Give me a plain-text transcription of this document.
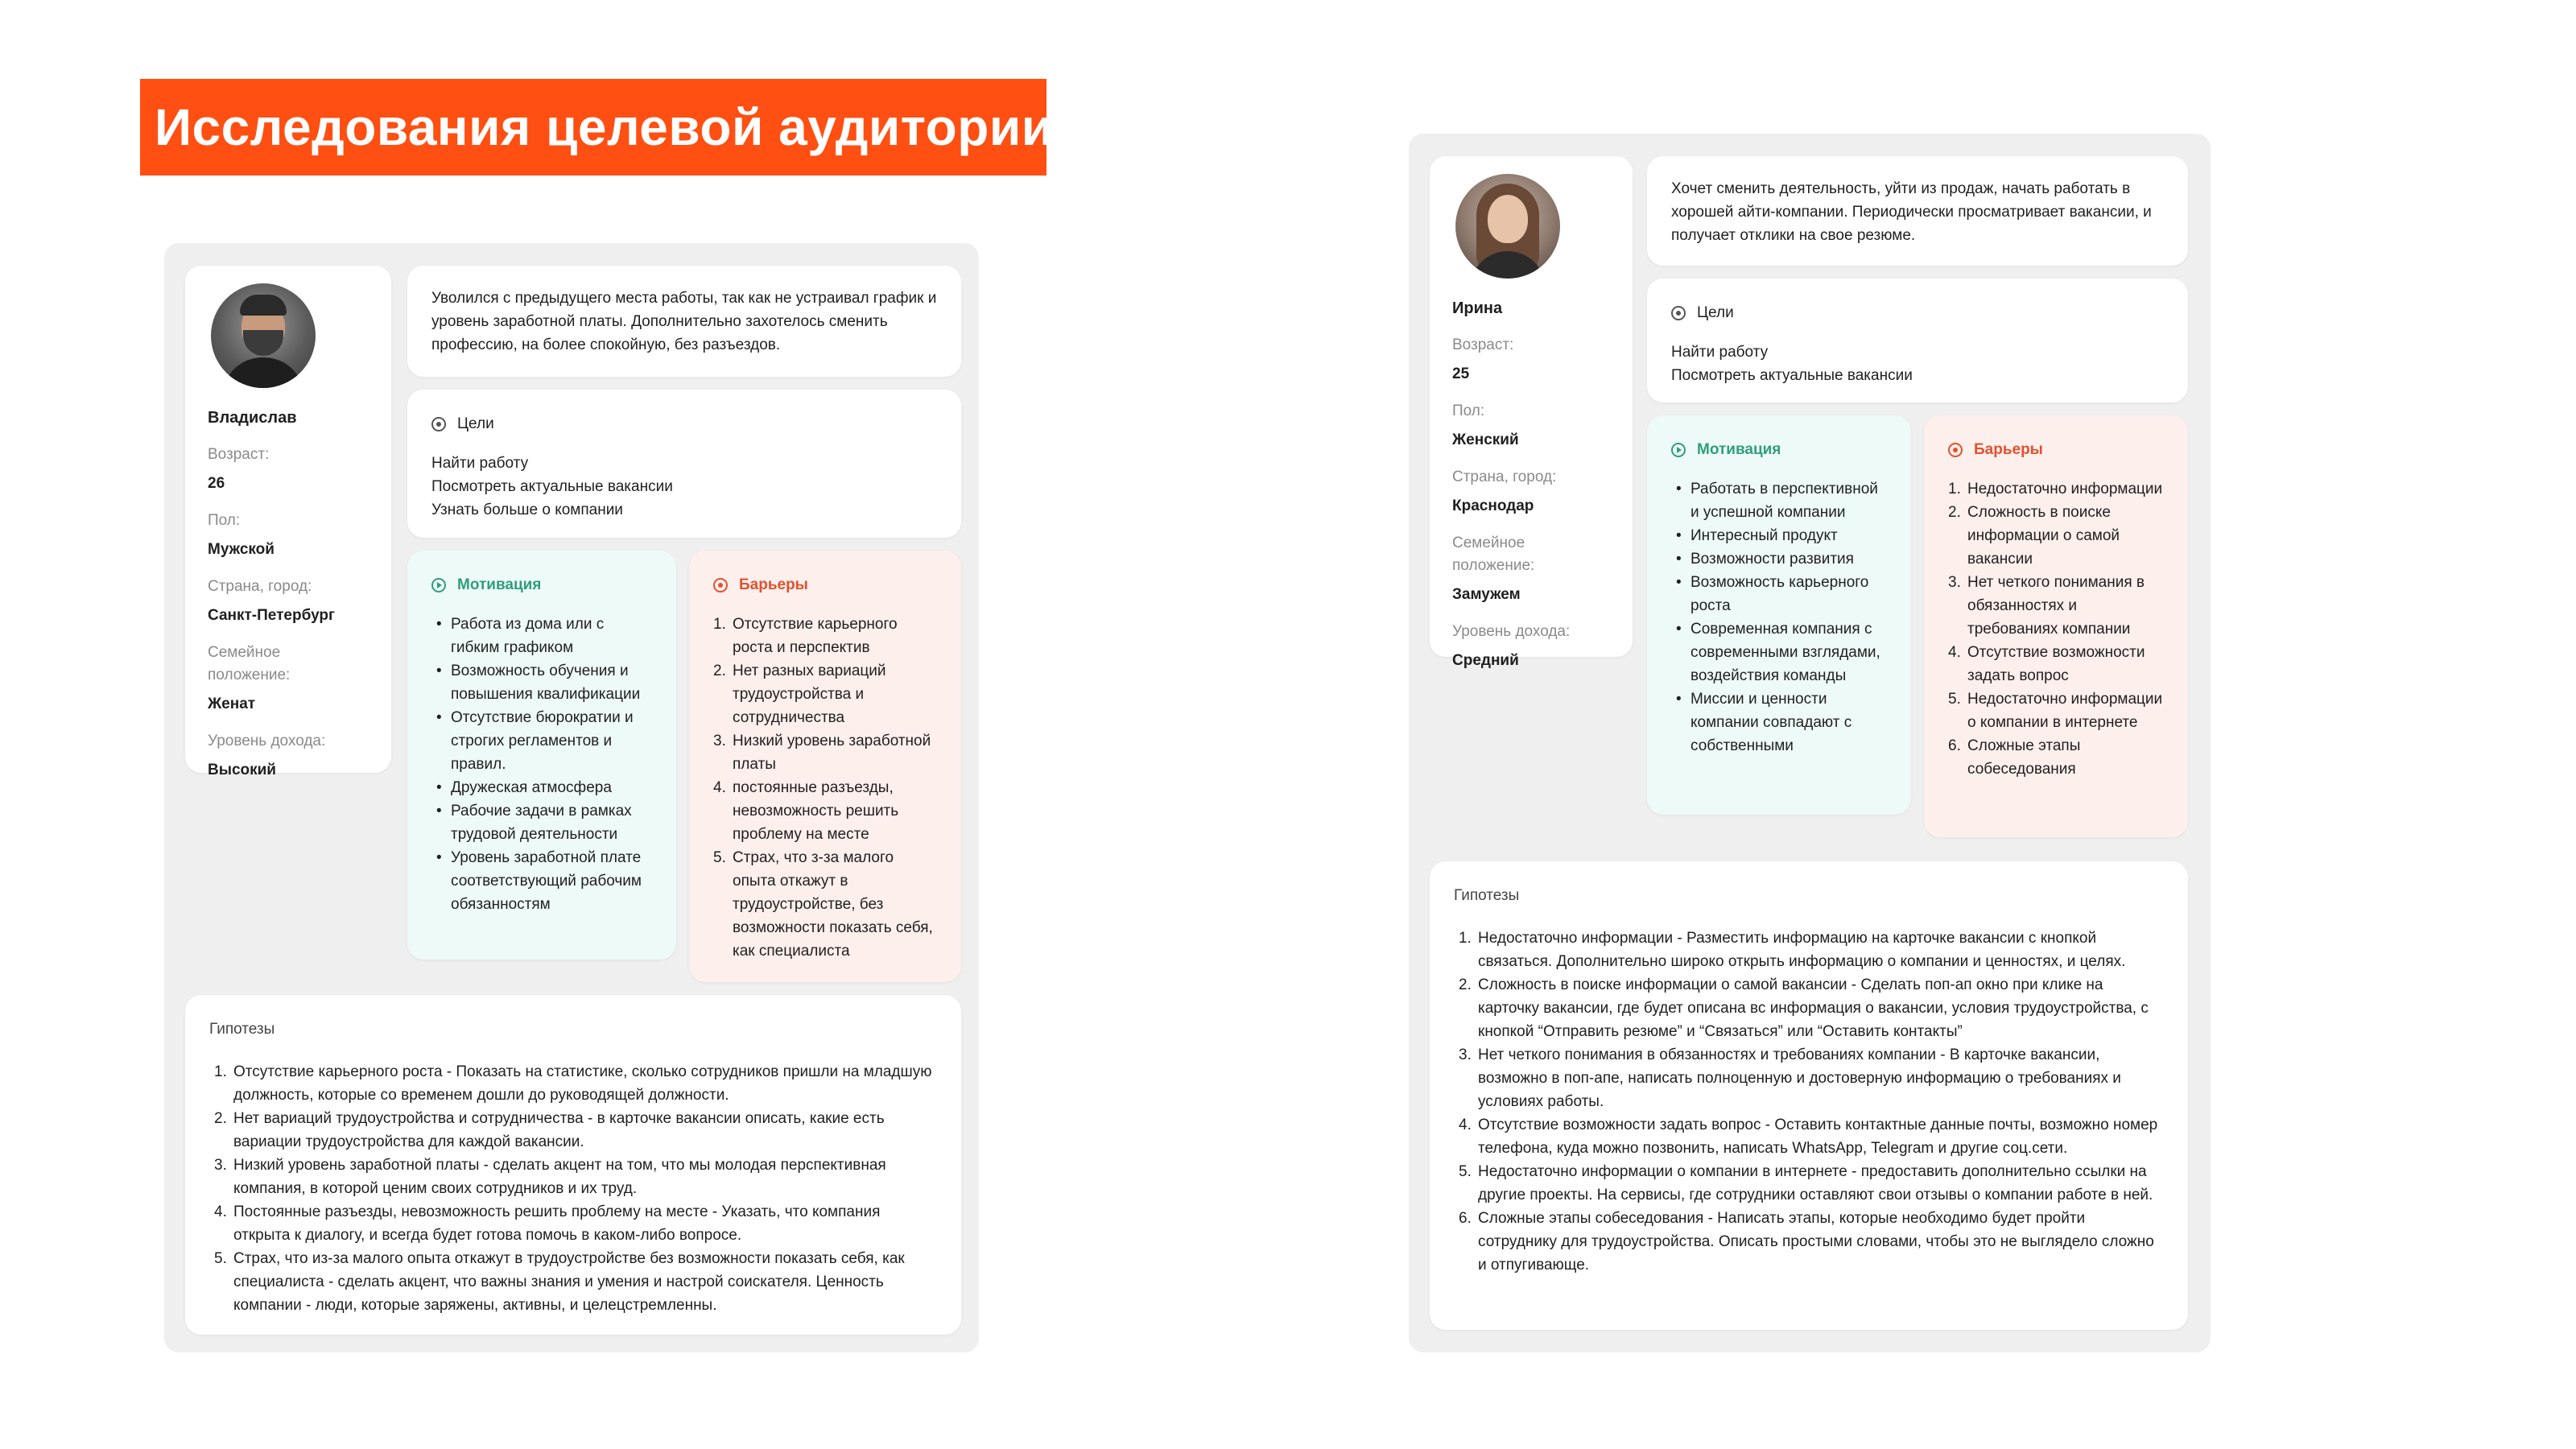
Исследования целевой аудитории:
Владислав
Возраст:
26
Пол:
Мужской
Страна, город:
Санкт-Петербург
Семейное положение:
Женат
Уровень дохода:
Высокий
Уволился с предыдущего места работы, так как не устраивал график и уровень заработной платы. Дополнительно захотелось сменить профессию, на более спокойную, без разъездов.
Цели
Найти работу
Посмотреть актуальные вакансии
Узнать больше о компании
Мотивация
• Работа из дома или с гибким графиком
• Возможность обучения и повышения квалификации
• Отсутствие бюрократии и строгих регламентов и правил.
• Дружеская атмосфера
• Рабочие задачи в рамках трудовой деятельности
• Уровень заработной плате соответствующий рабочим обязанностям
Барьеры
1. Отсутствие карьерного роста и перспектив
2. Нет разных вариаций трудоустройства и сотрудничества
3. Низкий уровень заработной платы
4. постоянные разъезды, невозможность решить проблему на месте
5. Страх, что з-за малого опыта откажут в трудоустройстве, без возможности показать себя, как специалиста
Гипотезы
1. Отсутствие карьерного роста - Показать на статистике, сколько сотрудников пришли на младшую должность, которые со временем дошли до руководящей должности.
2. Нет вариаций трудоустройства и сотрудничества - в карточке вакансии описать, какие есть вариации трудоустройства для каждой вакансии.
3. Низкий уровень заработной платы - сделать акцент на том, что мы молодая перспективная компания, в которой ценим своих сотрудников и их труд.
4. Постоянные разъезды, невозможность решить проблему на месте - Указать, что компания открыта к диалогу, и всегда будет готова помочь в каком-либо вопросе.
5. Страх, что из-за малого опыта откажут в трудоустройстве без возможности показать себя, как специалиста - сделать акцент, что важны знания и умения и настрой соискателя. Ценность компании - люди, которые заряжены, активны, и целецстремленны.
Ирина
Возраст:
25
Пол:
Женский
Страна, город:
Краснодар
Семейное положение:
Замужем
Уровень дохода:
Средний
Хочет сменить деятельность, уйти из продаж, начать работать в хорошей айти-компании. Периодически просматривает вакансии, и получает отклики на свое резюме.
Цели
Найти работу
Посмотреть актуальные вакансии
Мотивация
• Работать в перспективной и успешной компании
• Интересный продукт
• Возможности развития
• Возможность карьерного роста
• Современная компания с современными взглядами, воздействия команды
• Миссии и ценности компании совпадают с собственными
Барьеры
1. Недостаточно информации
2. Сложность в поиске информации о самой вакансии
3. Нет четкого понимания в обязанностях и требованиях компании
4. Отсутствие возможности задать вопрос
5. Недостаточно информации о компании в интернете
6. Сложные этапы собеседования
Гипотезы
1. Недостаточно информации - Разместить информацию на карточке вакансии с кнопкой связаться. Дополнительно широко открыть информацию о компании и ценностях, и целях.
2. Сложность в поиске информации о самой вакансии - Сделать поп-ап окно при клике на карточку вакансии, где будет описана вс информация о вакансии, условия трудоустройства, с кнопкой “Отправить резюме” и “Связаться” или “Оставить контакты”
3. Нет четкого понимания в обязанностях и требованиях компании - В карточке вакансии, возможно в поп-апе, написать полноценную и достоверную информацию о требованиях и условиях работы.
4. Отсутствие возможности задать вопрос - Оставить контактные данные почты, возможно номер телефона, куда можно позвонить, написать WhatsApp, Telegram и другие соц.сети.
5. Недостаточно информации о компании в интернете - предоставить дополнительно ссылки на другие проекты. На сервисы, где сотрудники оставляют свои отзывы о компании работе в ней.
6. Сложные этапы собеседования - Написать этапы, которые необходимо будет пройти сотруднику для трудоустройства. Описать простыми словами, чтобы это не выглядело сложно и отпугивающе.
